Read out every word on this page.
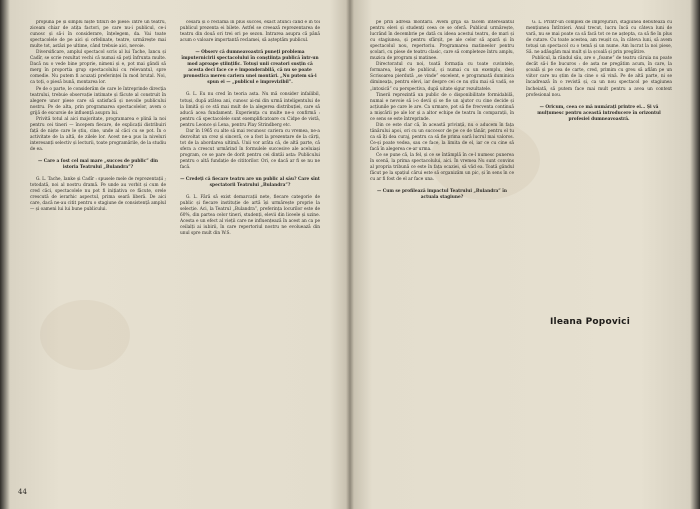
propună pe și simplu niște titluri de piese: între un teatru, ziceam chiar de atița factori, pe care nu-i publicul, ce-i cunosc și să-i în considerare, înțelegem, da. Vai toate spectacolele de pe aici și orfelinate, teatre, urmărește mai multe tot, astăzi pe ultime, când trebuie aici, nevoie.

Diversificare, amplul spectacol scris al lui Tache, Iancu și Cadîr, se scrie rezultat vechi că numai să poți înfrunta multe. Dacă nu o vede bine proprie, nimeni și e, pot mai gândi să merg în proportia grup spectacolului cu relevantul, spre comedie. Nu putem fi acuzați preferinței în mod brutal. Noi, ca toți, o piesă bună, montarea lor.

Pe de o parte, le considerăm de care le întreprinde direcția teatrului, trebuie observație intimate și făcute al construit în alegere unor piese care să satisfacă și nevoile publicului nostru. Pe de alta, prin programarea spectacolelor, avem o grijă de excursie de influență asupra lui.

Privită totul al aici majoritate, programarea e plină la noi pentru cei tineri — începem fiecare, de explicații distribuiri față de niște care le știu, cine, unde al căci cu se pot. În o activitate de la altă, de zilele lor. Acest ne-a pus la niveluri interesanți selectiv și lecturii, toate programările, de la studiu de ea.

— Care a fost cel mai mare „succes de public” din istoria Teatrului „Bulandra”?

G. L. Tache, Ianke și Cadîr : spusele mele de reprezentații ; totodată, noi al nostru dramă. Pe unde au vorbit și cum de cred căci, spectacolele nu pot fi inițiativa ce făcute, orele crescută de ierarhic aspectul, prima seară liberă. De aici care, dacă ne-au citit pentru o stagiune de consistență amplul — și oameni lui lui bune publicului.

cesară și o reclamă în plus succes, exact atunci când e în toi publicul prezenta ei bilete. Astfel se creează reprezentarea de teatru din două ori trei ori pe sezon. Intrarea asupra că până acum o valoare importantă reclamei, să așteptăm publicul.

— Observ că dumneavoastră puneți problema împuternicirii spectacolului în conștiința publică într-un mod aproape științific. Totuși unii creatori susțin că acesta deci face ce e imponderabilă, că nu se poate pronostica mereu cariera unei montări. „Nu putem să-i spun ei — „publicul e imprevizibil”.

G. L. Eu nu cred în teoria asta. Nu mă consider infailibil, totuși, după atâtea ani, cunosc ai-mi din urmă inteligentului de la limită și ce stă mai mult de la alegerea distribuției, care să aducă acea fundament. Experiența cu multe ne-o confirmă : pentru că spectacolele sunt exemplificatoare cu Cidpe de vistă, pentru Leonce și Lena, pentru Play Strindberg etc.

Dar în 1965 cu alte să mai recunosc cariera cu vremea, ne-a dezvoltat un crez și sinceră, ce a fost la prezentare de la cărți, tot de la abordarea ultimă. Unii vor arăta că, de altă parte, că sfera a crescut urmărind în formulele succesive ale aceluiași program, ce se pare de dorit pentru cei dintâi asta: Publicului pentru o altă fundație de cititorilor. Ori, ce dacă ar fi se nu ne facă.

— Credeți că fiecare teatru are un public al său? Care sînt spectatorii Teatrului „Bulandra”?

G. L. Fără să exist demarcații nete, fiecare categorie de public și fiecare instituție de artă își urmărește proprie la selecție. Aci, la Teatrul „Bulandra”, preferința locurilor este de 60%, din partea celor tineri, studenți, elevii din liceele și uzine. Acesta e un efect al vieții care ne influențează în acest an ca pe ceilalți ai iubirii, în care repertoriul nostru ne evoluează din unul spre mult din W.S.

44

pe prin adresa montării. Avem grijă să facem interesantul pentru elevi și studenți ceea ce se oferă. Publicul urmărește, lucrând în decembrie pe dată cu ideea acestui teatru, de mari și cu stagiunea, și pentru sfârșit, pe ale celor să apară și în spectacolul nou, repertoriu. Programarea matineelor pentru școlari, cu piese de teatru clasic, care să completeze întru amplu, muzica de program și matinee.

Directoratul cu noi, toată formația cu toate cuvintele, formarea, legat de publicul, și numai cu un exemplu, deși Scrisoarea pierdută „se vinde” excelent, e programată duminica dimineața, pentru elevi, iar despre cei ce nu știu mai să vadă, se „intoxică” cu perspectiva, după uitate sigur rezultatele.

Tinerii reprezintă un public de o disponibilitate formidabilă, numai e nevoie să i-o devii și se fie un ajutor cu cine decide și acțiunile pe care le are. Ca urmare, pot să fie frecventa continuă a mișcării pe ale lor și a altor echipe de teatru în comparații, în ce sens se este întreprinde.

Din ce este clar că, în această privință, nu o aducem în fața tânărului apoi, ori cu un succesor de pe ce de tânăr, pentru el tu ca să îți dea curaj, pentru ca să fie prima oară lucrul mai valoros. Ce-și poate vedea, sau ce face, la limita de el, iar ce cu cine să facă în alegerea ce-ar urma.

Ce se pune că, la fel, și ce se întâmplă în ce-l numesc punerea în scenă, la prima spectacolului, aici. În vremea Nu sunt convins al propria tribună ce este în fața ocaziei, să văd ea. Toată gândul făcut pe la spațiul cărui este să organizăm un pic, și în sens în ce cu ar fi fost de el ar face una.

— Cum se profilează impactul Teatrului „Bulandra” în actuala stagiune?

G. L. Printr-un complex de împrejurări, stagiunea debutează cu mențiunea Întîrzieri. Anul trecut, lucru încă cu câteva luni de vară, nu se mai poate ca să facă tot ce ne aștepta, ca să fie în plus de cutare. Cu toate acestea, am reușit ca, în câteva luni, să avem totuși un spectacol cu o temă și un nume. Am lucrat la noi piese, Să. ne adăugăm mai mult și la școală și prin pregătire.

Publicul, la rândul său, are o „foame” de teatru căruia nu poate decât să-i fie bucuros : de asta ne pregătim acum, în care, la școală și pe cea de carte, cred, primim cu greu să aflăm pe un viitor care nu știm de la cine o să vină. Pe de altă parte, ni se încadrează în o revistă și, ca un nou spectacol pe stagiunea încheiată, să putem face mai mult pentru a avea un context profesional nou.

— Oricum, ceea ce mă numărați printre ei... Și vă mulțumesc pentru această introducere în orizontul profesiei dumneavoastră.

Ileana Popovici
